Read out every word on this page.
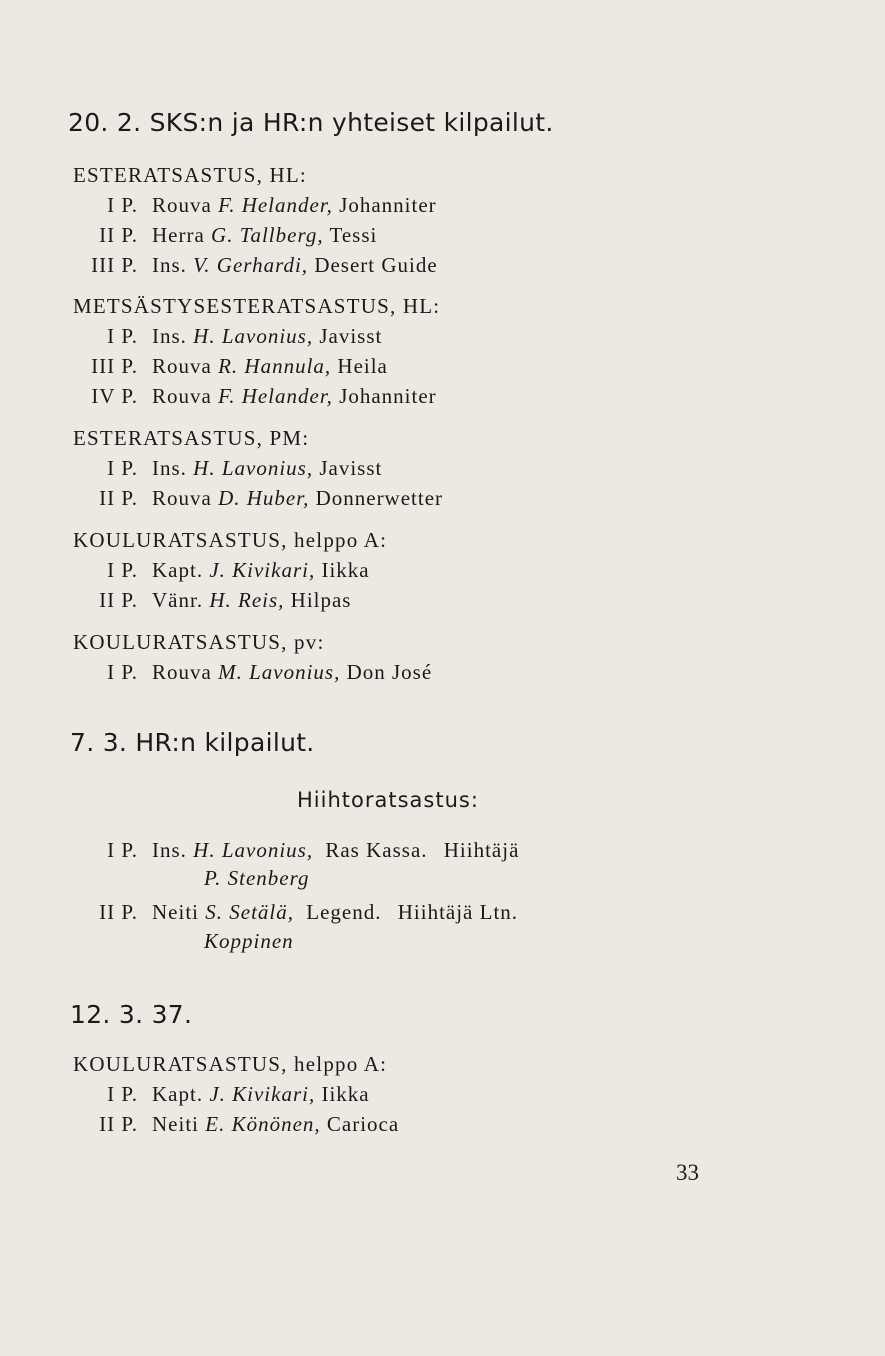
20. 2. SKS:n ja HR:n yhteiset kilpailut.
ESTERATSASTUS, HL:
I P. Rouva F. Helander, Johanniter
II P. Herra G. Tallberg, Tessi
III P. Ins. V. Gerhardi, Desert Guide
METSÄSTYSESTERATSASTUS, HL:
I P. Ins. H. Lavonius, Javisst
III P. Rouva R. Hannula, Heila
IV P. Rouva F. Helander, Johanniter
ESTERATSASTUS, PM:
I P. Ins. H. Lavonius, Javisst
II P. Rouva D. Huber, Donnerwetter
KOULURATSASTUS, helppo A:
I P. Kapt. J. Kivikari, Iikka
II P. Vänr. H. Reis, Hilpas
KOULURATSASTUS, pv:
I P. Rouva M. Lavonius, Don José
7. 3. HR:n kilpailut.
Hiihtoratsastus:
I P. Ins. H. Lavonius, Ras Kassa. Hiihtäjä
P. Stenberg
II P. Neiti S. Setälä, Legend. Hiihtäjä Ltn.
Koppinen
12. 3. 37.
KOULURATSASTUS, helppo A:
I P. Kapt. J. Kivikari, Iikka
II P. Neiti E. Könönen, Carioca
33
